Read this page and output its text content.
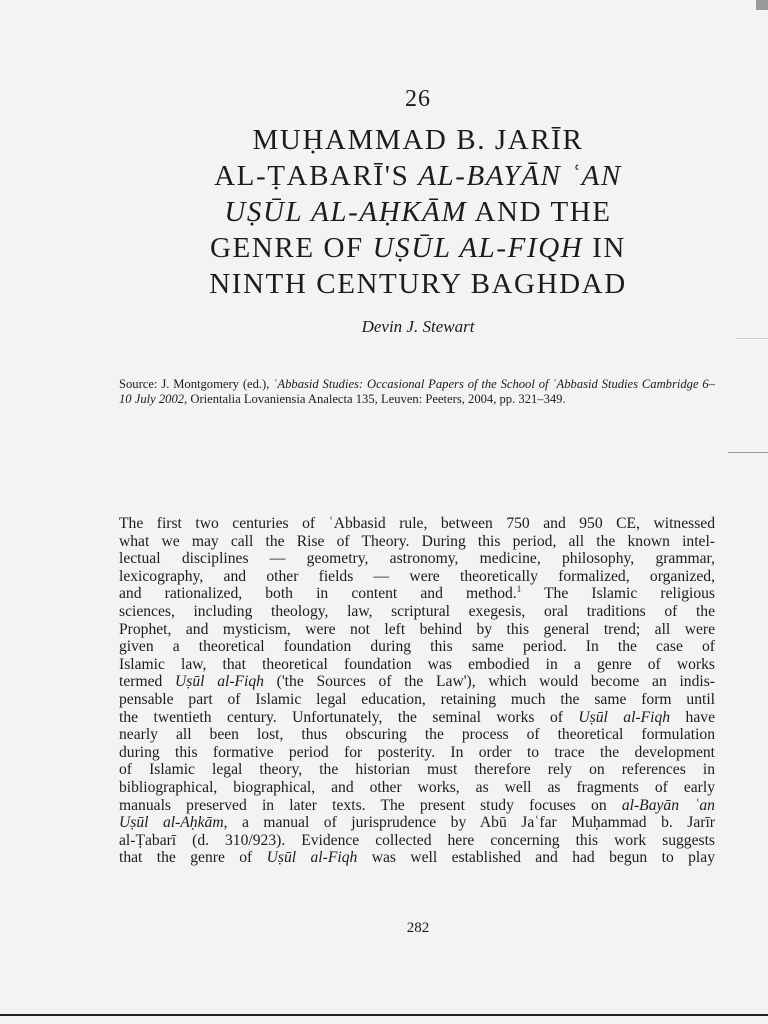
26
MUḤAMMAD B. JARĪR
AL-ṬABARĪ'S AL-BAYĀN ʿAN
UṢŪL AL-AḤKĀM AND THE
GENRE OF UṢŪL AL-FIQH IN
NINTH CENTURY BAGHDAD
Devin J. Stewart
Source: J. Montgomery (ed.), ʿAbbasid Studies: Occasional Papers of the School of ʿAbbasid Studies Cambridge 6–10 July 2002, Orientalia Lovaniensia Analecta 135, Leuven: Peeters, 2004, pp. 321–349.
The first two centuries of ʿAbbasid rule, between 750 and 950 CE, witnessed
what we may call the Rise of Theory. During this period, all the known intel-
lectual disciplines — geometry, astronomy, medicine, philosophy, grammar,
lexicography, and other fields — were theoretically formalized, organized,
and rationalized, both in content and method.$^1$ The Islamic religious
sciences, including theology, law, scriptural exegesis, oral traditions of the
Prophet, and mysticism, were not left behind by this general trend; all were
given a theoretical foundation during this same period. In the case of
Islamic law, that theoretical foundation was embodied in a genre of works
termed Uṣūl al-Fiqh ('the Sources of the Law'), which would become an indis-
pensable part of Islamic legal education, retaining much the same form until
the twentieth century. Unfortunately, the seminal works of Uṣūl al-Fiqh have
nearly all been lost, thus obscuring the process of theoretical formulation
during this formative period for posterity. In order to trace the development
of Islamic legal theory, the historian must therefore rely on references in
bibliographical, biographical, and other works, as well as fragments of early
manuals preserved in later texts. The present study focuses on al-Bayān ʿan
Uṣūl al-Aḥkām, a manual of jurisprudence by Abū Jaʿfar Muḥammad b. Jarīr
al-Ṭabarī (d. 310/923). Evidence collected here concerning this work suggests
that the genre of Uṣūl al-Fiqh was well established and had begun to play
282
